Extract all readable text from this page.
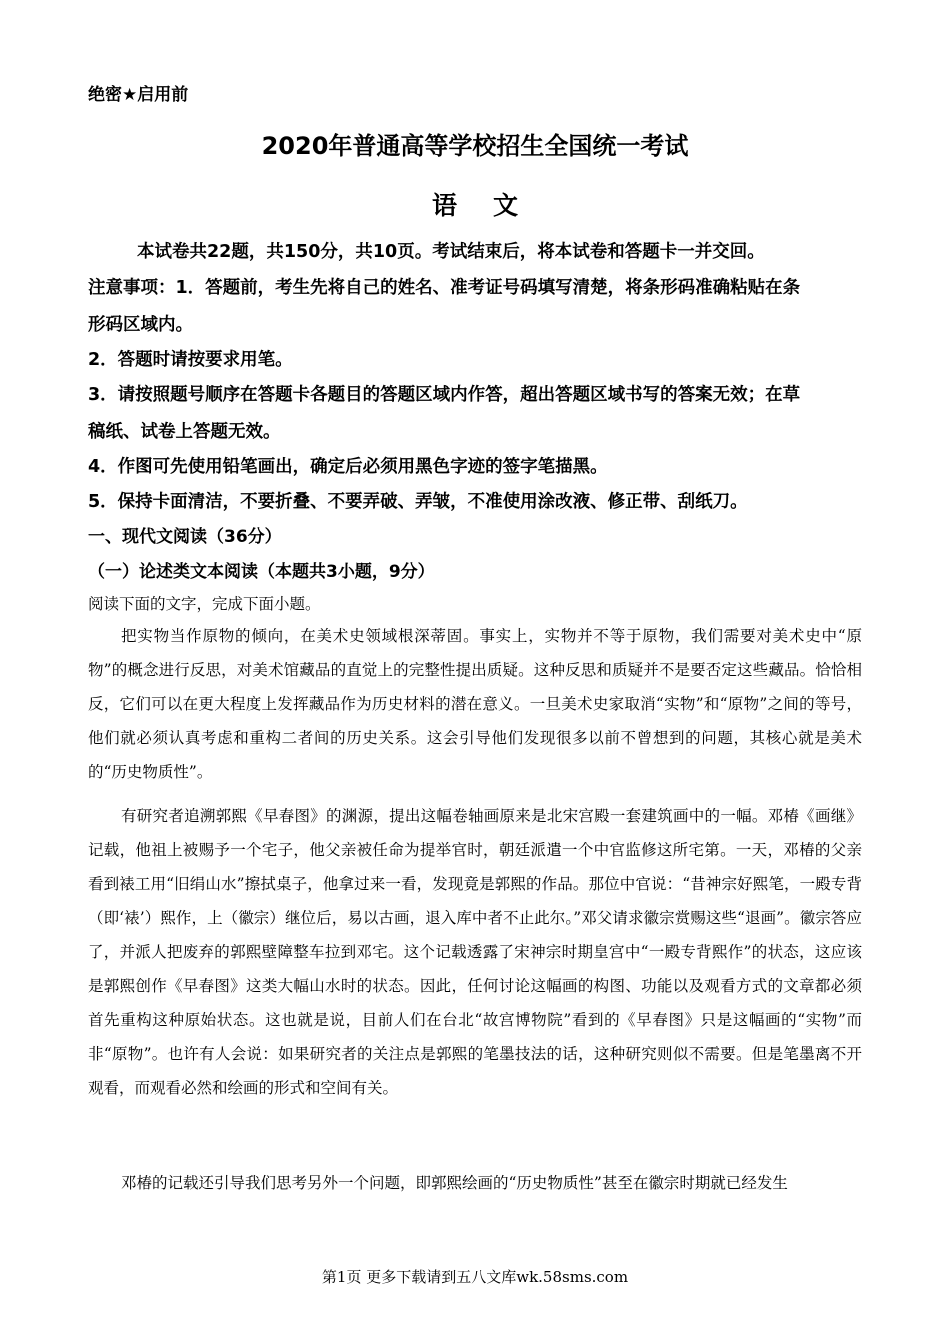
绝密★启用前
2020年普通高等学校招生全国统一考试
语文
本试卷共22题，共150分，共10页。考试结束后，将本试卷和答题卡一并交回。
注意事项：1．答题前，考生先将自己的姓名、准考证号码填写清楚，将条形码准确粘贴在条
形码区域内。
2．答题时请按要求用笔。
3．请按照题号顺序在答题卡各题目的答题区域内作答，超出答题区域书写的答案无效；在草
稿纸、试卷上答题无效。
4．作图可先使用铅笔画出，确定后必须用黑色字迹的签字笔描黑。
5．保持卡面清洁，不要折叠、不要弄破、弄皱，不准使用涂改液、修正带、刮纸刀。
一、现代文阅读（36分）
（一）论述类文本阅读（本题共3小题，9分）
阅读下面的文字，完成下面小题。
把实物当作原物的倾向，在美术史领域根深蒂固。事实上，实物并不等于原物，我们需要对美术史中“原物”的概念进行反思，对美术馆藏品的直觉上的完整性提出质疑。这种反思和质疑并不是要否定这些藏品。恰恰相反，它们可以在更大程度上发挥藏品作为历史材料的潜在意义。一旦美术史家取消“实物”和“原物”之间的等号，他们就必须认真考虑和重构二者间的历史关系。这会引导他们发现很多以前不曾想到的问题，其核心就是美术的“历史物质性”。
有研究者追溯郭熙《早春图》的渊源，提出这幅卷轴画原来是北宋宫殿一套建筑画中的一幅。邓椿《画继》记载，他祖上被赐予一个宅子，他父亲被任命为提举官时，朝廷派遣一个中官监修这所宅第。一天，邓椿的父亲看到裱工用“旧绢山水”擦拭桌子，他拿过来一看，发现竟是郭熙的作品。那位中官说：“昔神宗好熙笔，一殿专背（即‘裱’）熙作，上（徽宗）继位后，易以古画，退入库中者不止此尔。”邓父请求徽宗赏赐这些“退画”。徽宗答应了，并派人把废弃的郭熙壁障整车拉到邓宅。这个记载透露了宋神宗时期皇宫中“一殿专背熙作”的状态，这应该是郭熙创作《早春图》这类大幅山水时的状态。因此，任何讨论这幅画的构图、功能以及观看方式的文章都必须首先重构这种原始状态。这也就是说，目前人们在台北“故宫博物院”看到的《早春图》只是这幅画的“实物”而非“原物”。也许有人会说：如果研究者的关注点是郭熙的笔墨技法的话，这种研究则似不需要。但是笔墨离不开观看，而观看必然和绘画的形式和空间有关。
邓椿的记载还引导我们思考另外一个问题，即郭熙绘画的“历史物质性”甚至在徽宗时期就已经发生
第1页 更多下载请到五八文库wk.58sms.com
